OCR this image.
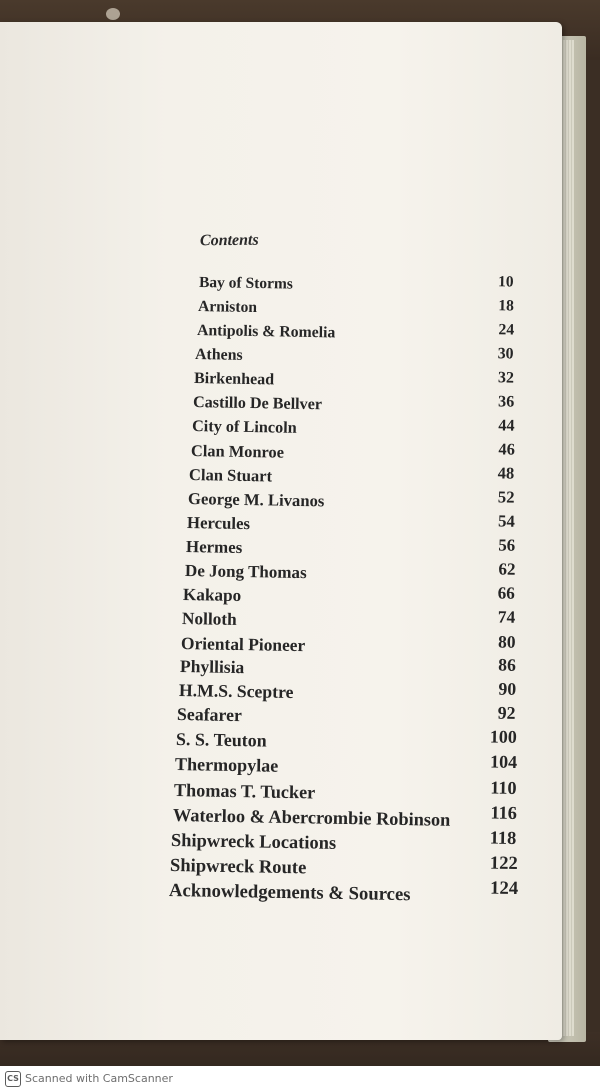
Contents
Bay of Storms	10
Arniston	18
Antipolis & Romelia	24
Athens	30
Birkenhead	32
Castillo De Bellver	36
City of Lincoln	44
Clan Monroe	46
Clan Stuart	48
George M. Livanos	52
Hercules	54
Hermes	56
De Jong Thomas	62
Kakapo	66
Nolloth	74
Oriental Pioneer	80
Phyllisia	86
H.M.S. Sceptre	90
Seafarer	92
S. S. Teuton	100
Thermopylae	104
Thomas T. Tucker	110
Waterloo & Abercrombie Robinson 116
Shipwreck Locations	118
Shipwreck Route	122
Acknowledgements & Sources	124
CS Scanned with CamScanner
